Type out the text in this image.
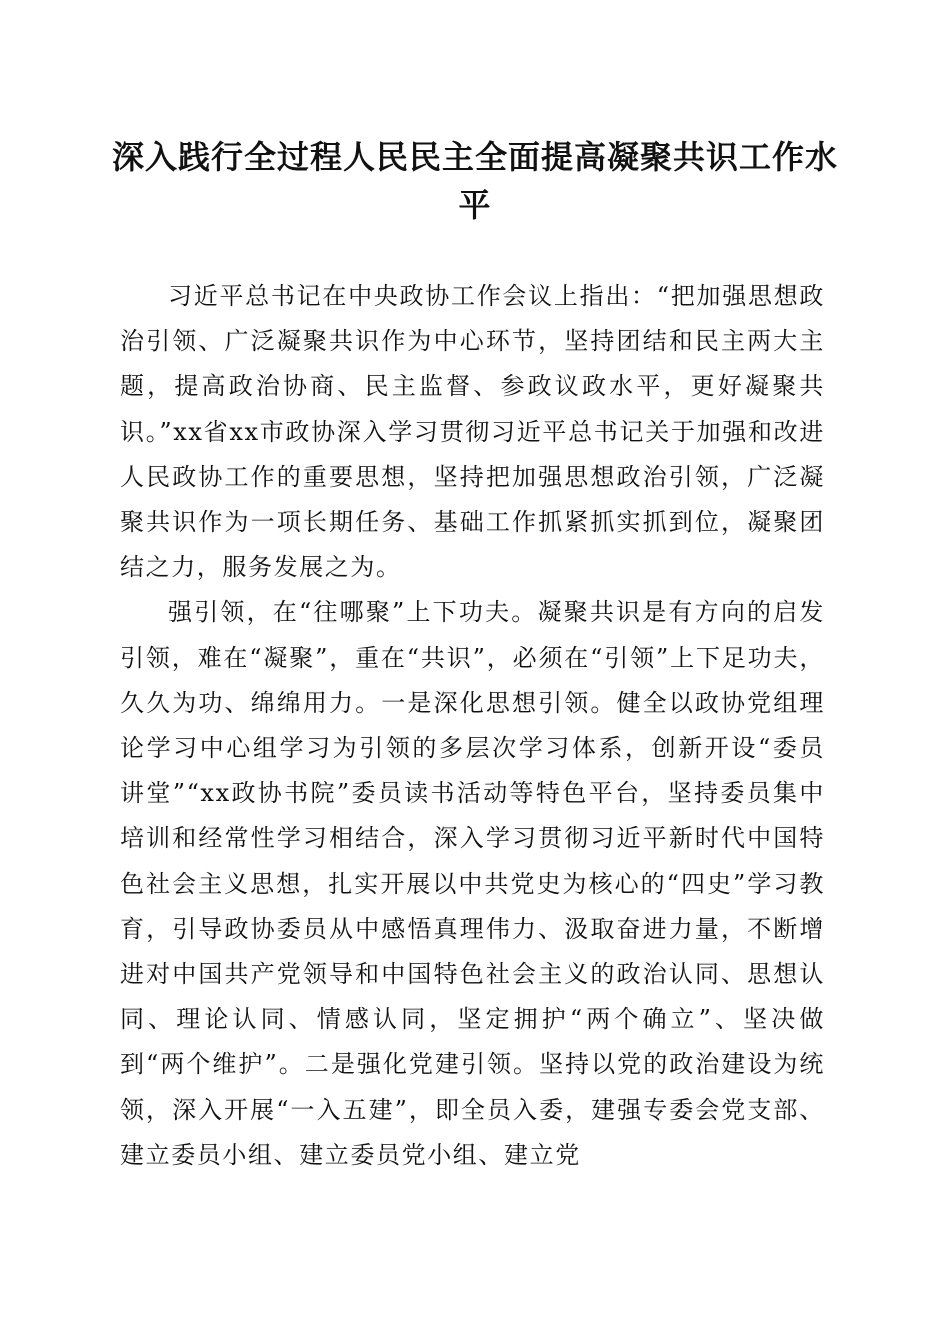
深入践行全过程人民民主全面提高凝聚共识工作水平

习近平总书记在中央政协工作会议上指出：“把加强思想政治引领、广泛凝聚共识作为中心环节，坚持团结和民主两大主题，提高政治协商、民主监督、参政议政水平，更好凝聚共识。”xx省xx市政协深入学习贯彻习近平总书记关于加强和改进人民政协工作的重要思想，坚持把加强思想政治引领，广泛凝聚共识作为一项长期任务、基础工作抓紧抓实抓到位，凝聚团结之力，服务发展之为。

强引领，在“往哪聚”上下功夫。凝聚共识是有方向的启发引领，难在“凝聚”，重在“共识”，必须在“引领”上下足功夫，久久为功、绵绵用力。一是深化思想引领。健全以政协党组理论学习中心组学习为引领的多层次学习体系，创新开设“委员讲堂”“xx政协书院”委员读书活动等特色平台，坚持委员集中培训和经常性学习相结合，深入学习贯彻习近平新时代中国特色社会主义思想，扎实开展以中共党史为核心的“四史”学习教育，引导政协委员从中感悟真理伟力、汲取奋进力量，不断增进对中国共产党领导和中国特色社会主义的政治认同、思想认同、理论认同、情感认同，坚定拥护“两个确立”、坚决做到“两个维护”。二是强化党建引领。坚持以党的政治建设为统领，深入开展“一入五建”，即全员入委，建强专委会党支部、建立委员小组、建立委员党小组、建立党
